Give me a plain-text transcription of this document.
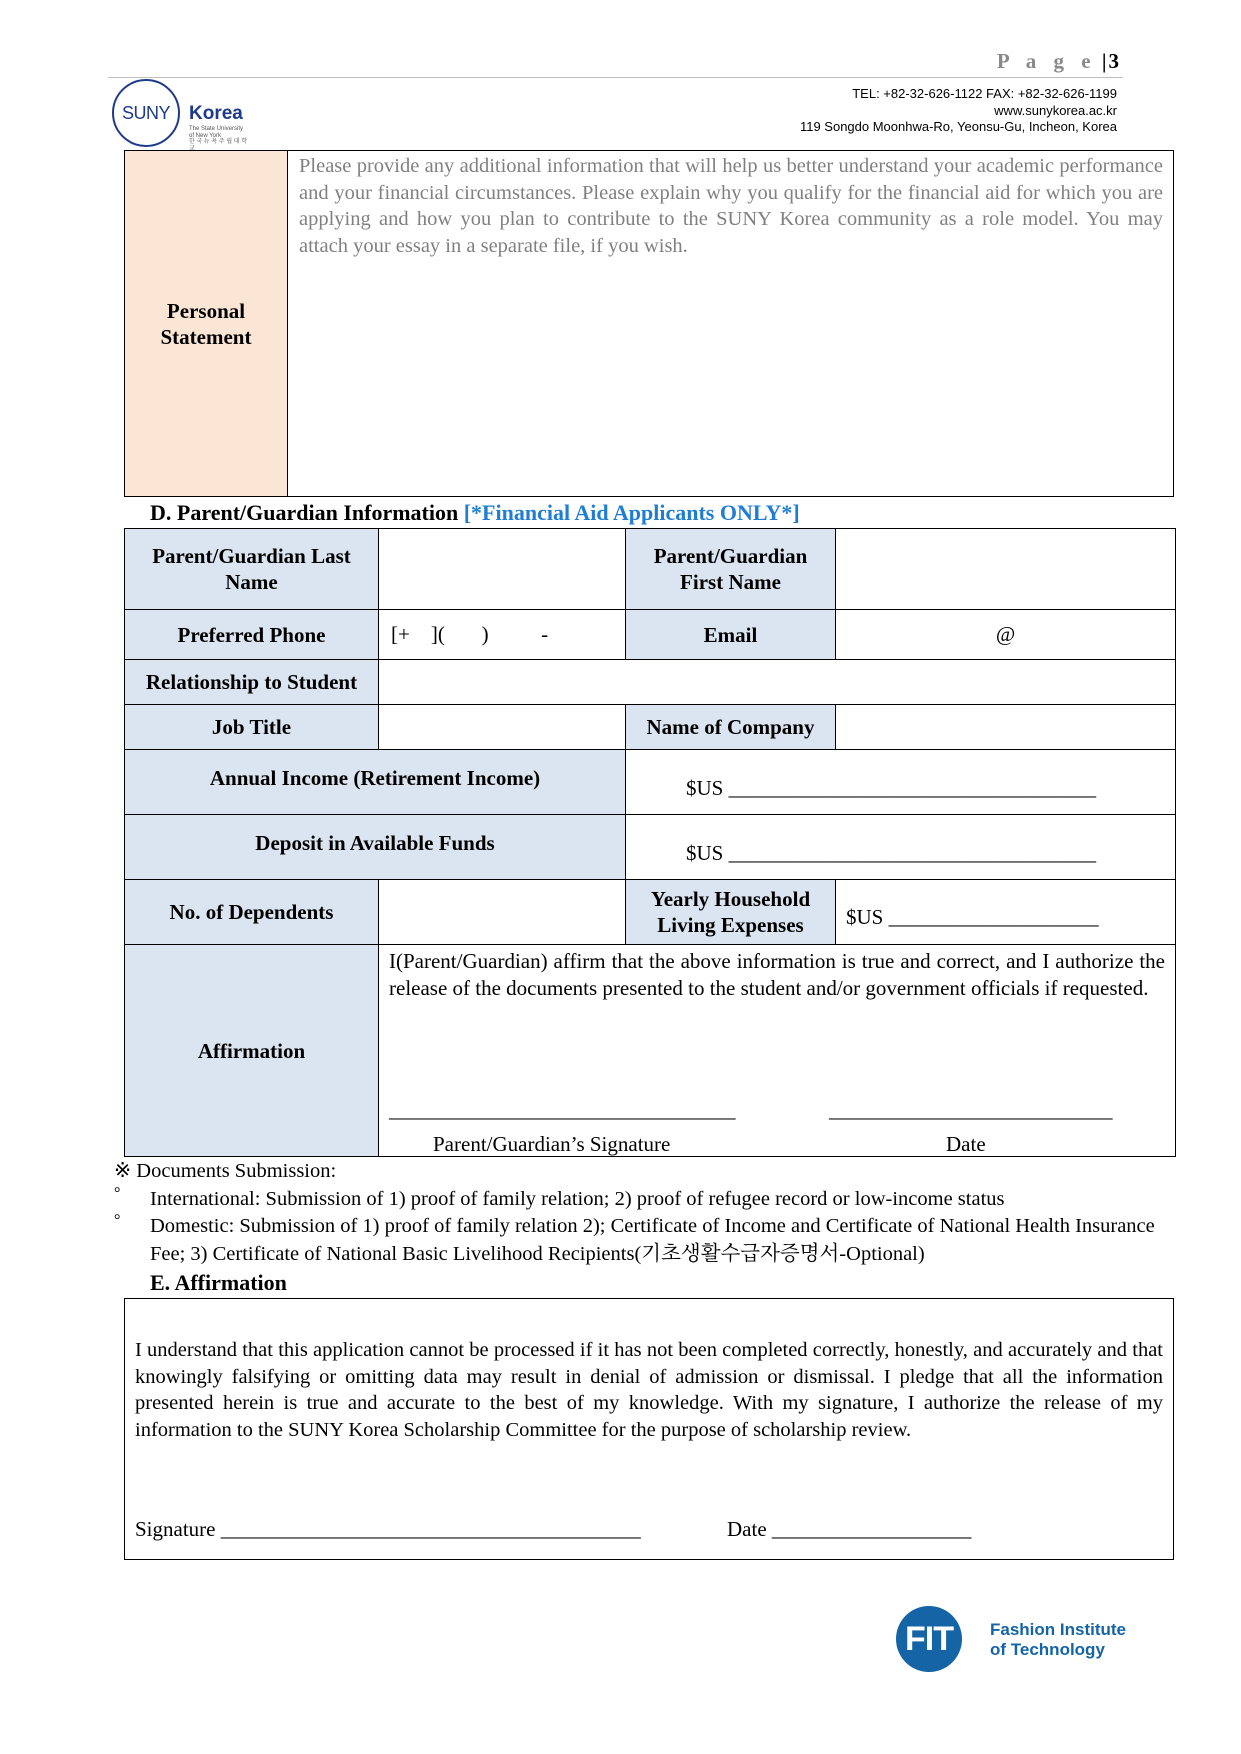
P a g e |3
SUNY Korea
The State University
of New York
한 국 뉴 욕 주 립 대 학 교
TEL: +82-32-626-1122 FAX: +82-32-626-1199
www.sunykorea.ac.kr
119 Songdo Moonhwa-Ro, Yeonsu-Gu, Incheon, Korea
Personal Statement
Please provide any additional information that will help us better understand your academic performance and your financial circumstances. Please explain why you qualify for the financial aid for which you are applying and how you plan to contribute to the SUNY Korea community as a role model. You may attach your essay in a separate file, if you wish.
D. Parent/Guardian Information [*Financial Aid Applicants ONLY*]
Parent/Guardian Last Name		Parent/Guardian First Name	
Preferred Phone	[+    ](       )          -	Email	@
Relationship to Student			
Job Title		Name of Company	
Annual Income (Retirement Income)		$US ___________________________________	
Deposit in Available Funds		$US ___________________________________	
No. of Dependents		Yearly Household Living Expenses	$US ____________________
Affirmation	I(Parent/Guardian) affirm that the above information is true and correct, and I authorize the release of the documents presented to the student and/or government officials if requested.
_________________________________ ___________________________
Parent/Guardian’s Signature Date		
※ Documents Submission:
° International: Submission of 1) proof of family relation; 2) proof of refugee record or low-income status
° Domestic: Submission of 1) proof of family relation 2); Certificate of Income and Certificate of National Health Insurance Fee; 3) Certificate of National Basic Livelihood Recipients(기초생활수급자증명서-Optional)
E. Affirmation
I understand that this application cannot be processed if it has not been completed correctly, honestly, and accurately and that knowingly falsifying or omitting data may result in denial of admission or dismissal. I pledge that all the information presented herein is true and accurate to the best of my knowledge. With my signature, I authorize the release of my information to the SUNY Korea Scholarship Committee for the purpose of scholarship review.
Signature ________________________________________	Date ___________________
FIT	Fashion Institute
of Technology
